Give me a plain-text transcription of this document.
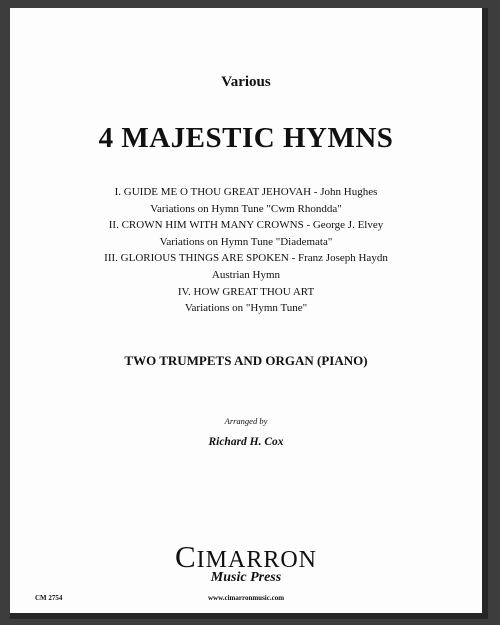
Various
4 MAJESTIC HYMNS
I. GUIDE ME O THOU GREAT JEHOVAH - John Hughes
Variations on Hymn Tune "Cwm Rhondda"
II. CROWN HIM WITH MANY CROWNS - George J. Elvey
Variations on Hymn Tune "Diademata"
III. GLORIOUS THINGS ARE SPOKEN - Franz Joseph Haydn
Austrian Hymn
IV. HOW GREAT THOU ART
Variations on "Hymn Tune"
TWO TRUMPETS AND ORGAN (PIANO)
Arranged by
Richard H. Cox
CIMARRON
Music Press
CM 2754	www.cimarronmusic.com
